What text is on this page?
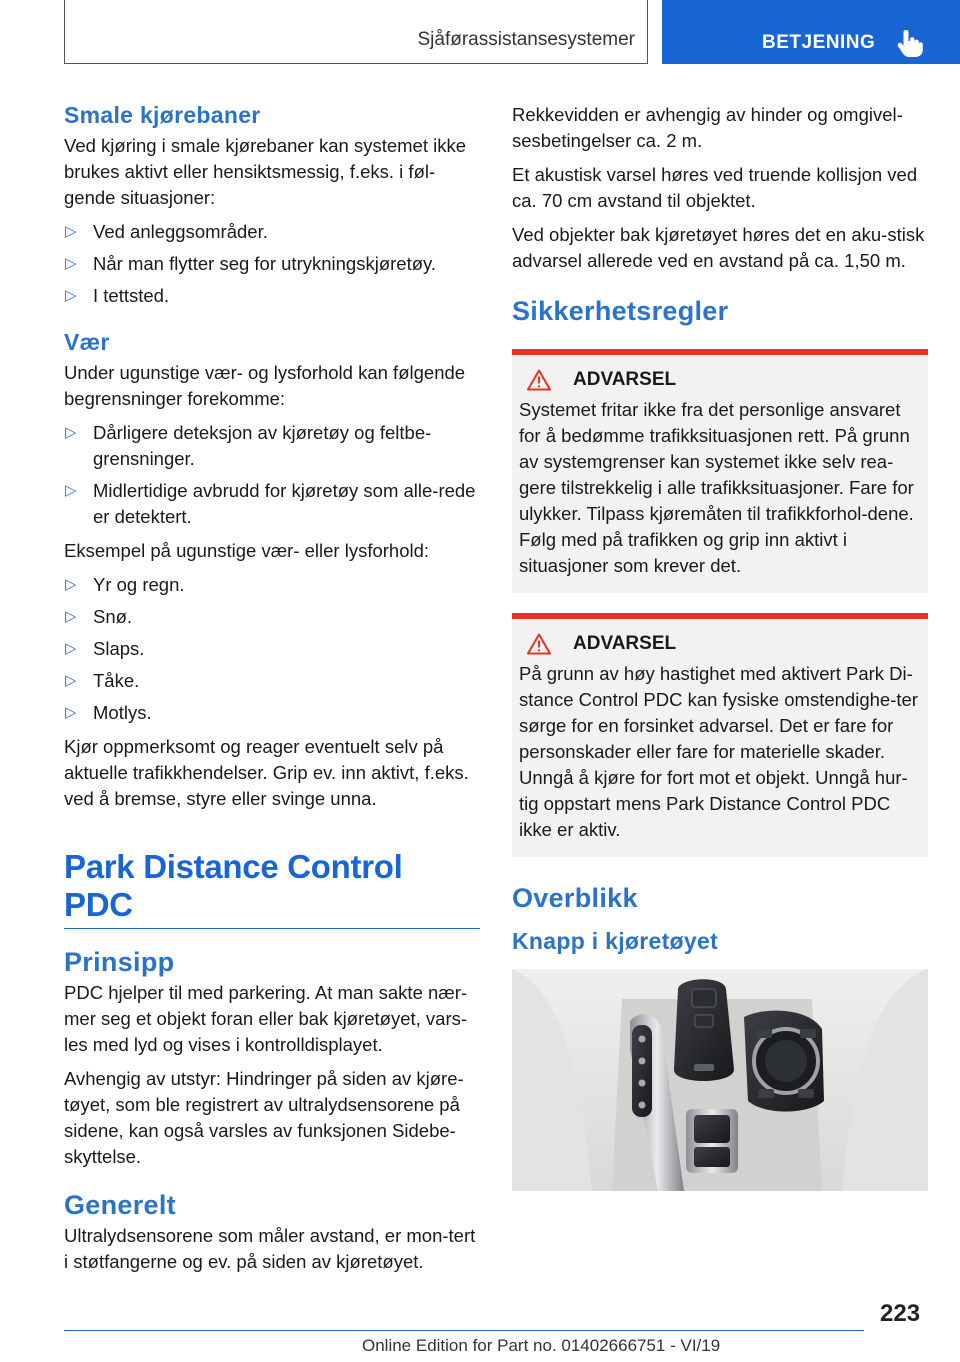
Sjåførassistansesystemer	BETJENING
Smale kjørebaner

Ved kjøring i smale kjørebaner kan systemet ikke brukes aktivt eller hensiktsmessig, f.eks. i føl-gende situasjoner:

▷ Ved anleggsområder.
▷ Når man flytter seg for utrykningskjøretøy.
▷ I tettsted.
Vær

Under ugunstige vær- og lysforhold kan følgende begrensninger forekomme:

▷ Dårligere deteksjon av kjøretøy og feltbe-grensninger.
▷ Midlertidige avbrudd for kjøretøy som alle-rede er detektert.

Eksempel på ugunstige vær- eller lysforhold:

▷ Yr og regn.
▷ Snø.
▷ Slaps.
▷ Tåke.
▷ Motlys.

Kjør oppmerksomt og reager eventuelt selv på aktuelle trafikkhendelser. Grip ev. inn aktivt, f.eks. ved å bremse, styre eller svinge unna.

Park Distance Control PDC
Prinsipp

PDC hjelper til med parkering. At man sakte nær-mer seg et objekt foran eller bak kjøretøyet, vars-les med lyd og vises i kontrolldisplayet.

Avhengig av utstyr: Hindringer på siden av kjøre-tøyet, som ble registrert av ultralydsensorene på sidene, kan også varsles av funksjonen Sidebe-skyttelse.

Generelt

Ultralydsensorene som måler avstand, er mon-tert i støtfangerne og ev. på siden av kjøretøyet.

Rekkevidden er avhengig av hinder og omgivel-sesbetingelser ca. 2 m.

Et akustisk varsel høres ved truende kollisjon ved ca. 70 cm avstand til objektet.

Ved objekter bak kjøretøyet høres det en aku-stisk advarsel allerede ved en avstand på ca. 1,50 m.

Sikkerhetsregler
ADVARSEL

Systemet fritar ikke fra det personlige ansvaret for å bedømme trafikksituasjonen rett. På grunn av systemgrenser kan systemet ikke selv rea-gere tilstrekkelig i alle trafikksituasjoner. Fare for ulykker. Tilpass kjøremåten til trafikkforhol-dene. Følg med på trafikken og grip inn aktivt i situasjoner som krever det.

ADVARSEL

På grunn av høy hastighet med aktivert Park Di-stance Control PDC kan fysiske omstendighe-ter sørge for en forsinket advarsel. Det er fare for personskader eller fare for materielle skader. Unngå å kjøre for fort mot et objekt. Unngå hur-tig oppstart mens Park Distance Control PDC ikke er aktiv.

Overblikk
Knapp i kjøretøyet
223
Online Edition for Part no. 01402666751 - VI/19
